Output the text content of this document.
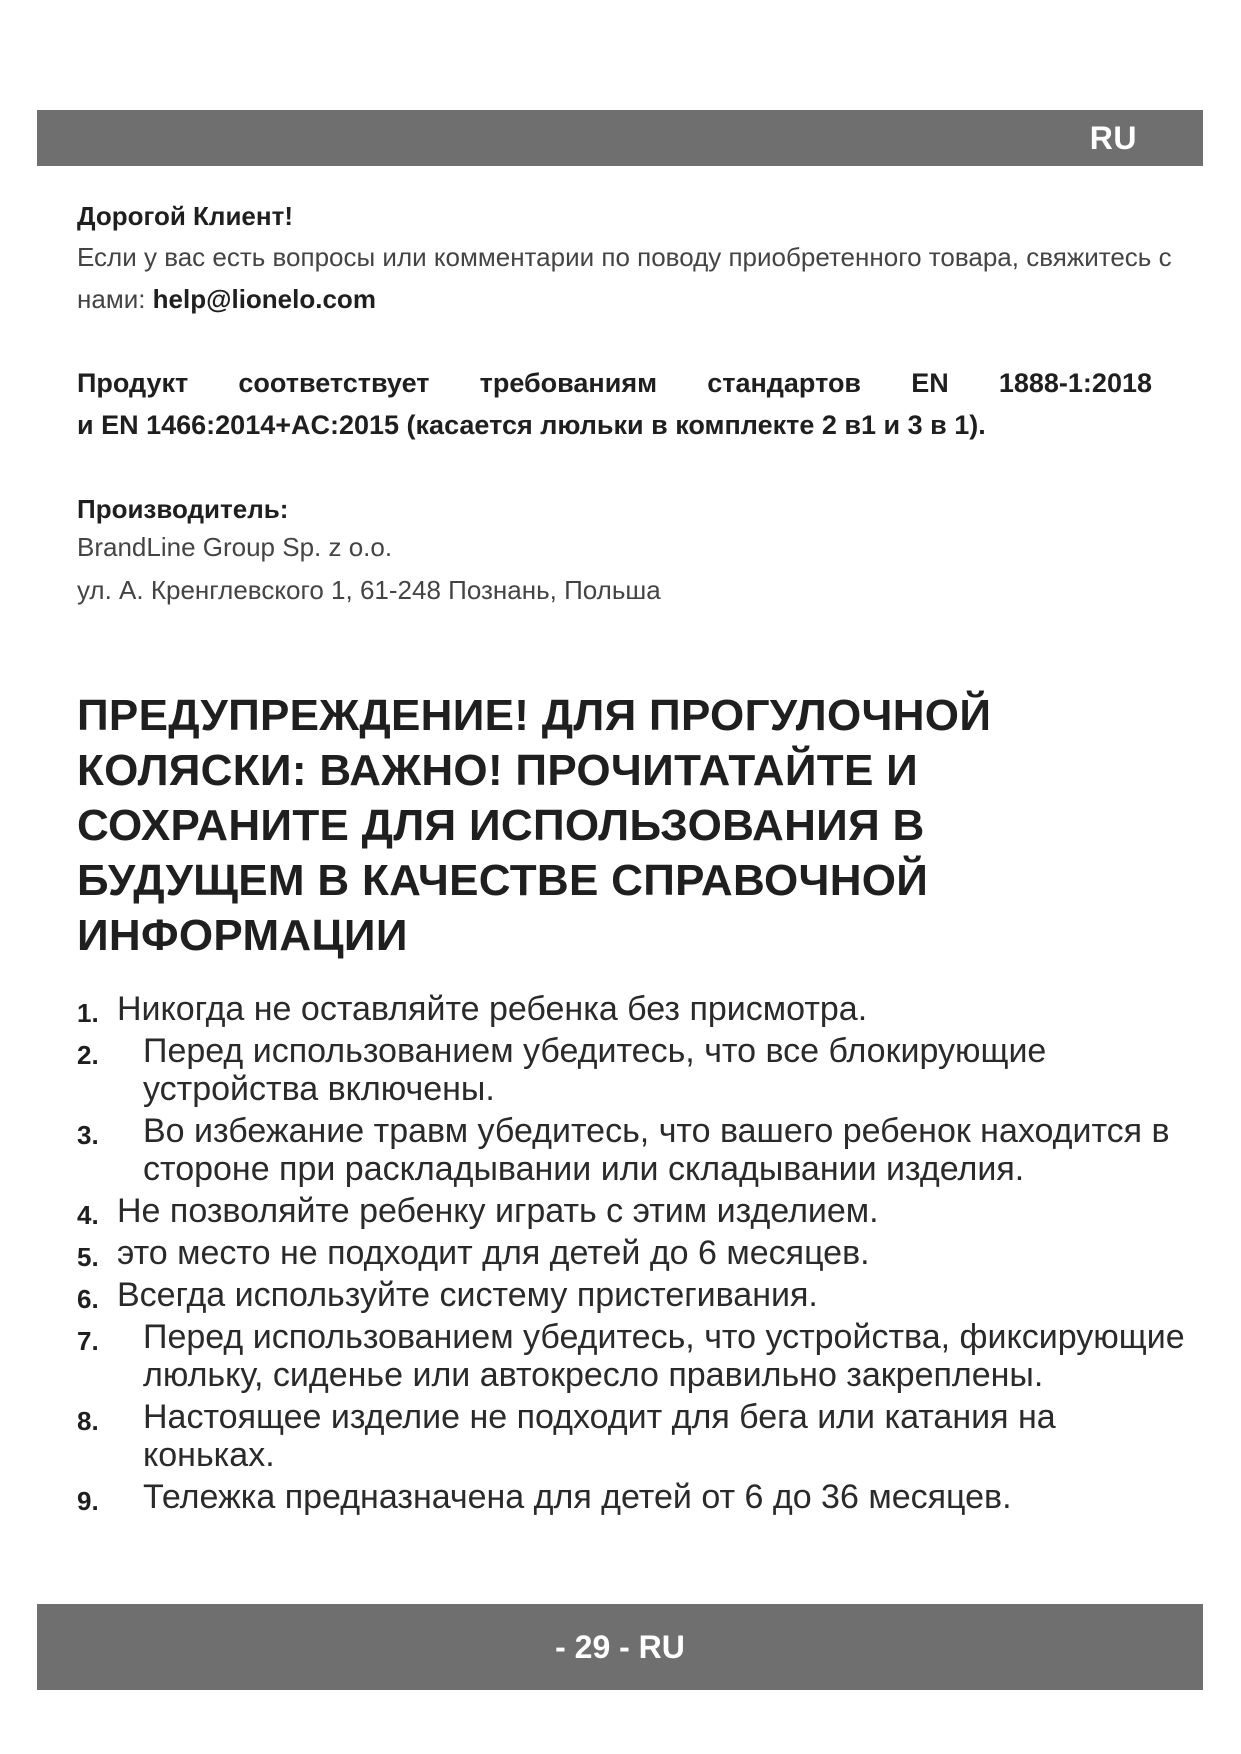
RU

Дорогой Клиент!

Если у вас есть вопросы или комментарии по поводу приобретенного товара, свяжитесь с нами: help@lionelo.com

Продукт соответствует требованиям стандартов EN 1888-1:2018
и EN 1466:2014+AC:2015 (касается люльки в комплекте 2 в1 и 3 в 1).

Производитель:

BrandLine Group Sp. z o.o.

ул. А. Кренглевского 1, 61-248 Познань, Польша

ПРЕДУПРЕЖДЕНИЕ! ДЛЯ ПРОГУЛОЧНОЙ КОЛЯСКИ: ВАЖНО! ПРОЧИТАТАЙТЕ И СОХРАНИТЕ ДЛЯ ИСПОЛЬЗОВАНИЯ В БУДУЩЕМ В КАЧЕСТВЕ СПРАВОЧНОЙ ИНФОРМАЦИИ
1. Никогда не оставляйте ребенка без присмотра.
2.	Перед использованием убедитесь, что все блокирующие устройства включены.
3.	Во избежание травм убедитесь, что вашего ребенок находится в стороне при раскладывании или складывании изделия.
4. Не позволяйте ребенку играть с этим изделием.
5. это место не подходит для детей до 6 месяцев.
6. Всегда используйте систему пристегивания.
7.	Перед использованием убедитесь, что устройства, фиксирующие люльку, сиденье или автокресло правильно закреплены.
8.	Настоящее изделие не подходит для бега или катания на коньках.
9.	Тележка предназначена для детей от 6 до 36 месяцев.
- 29 - RU
